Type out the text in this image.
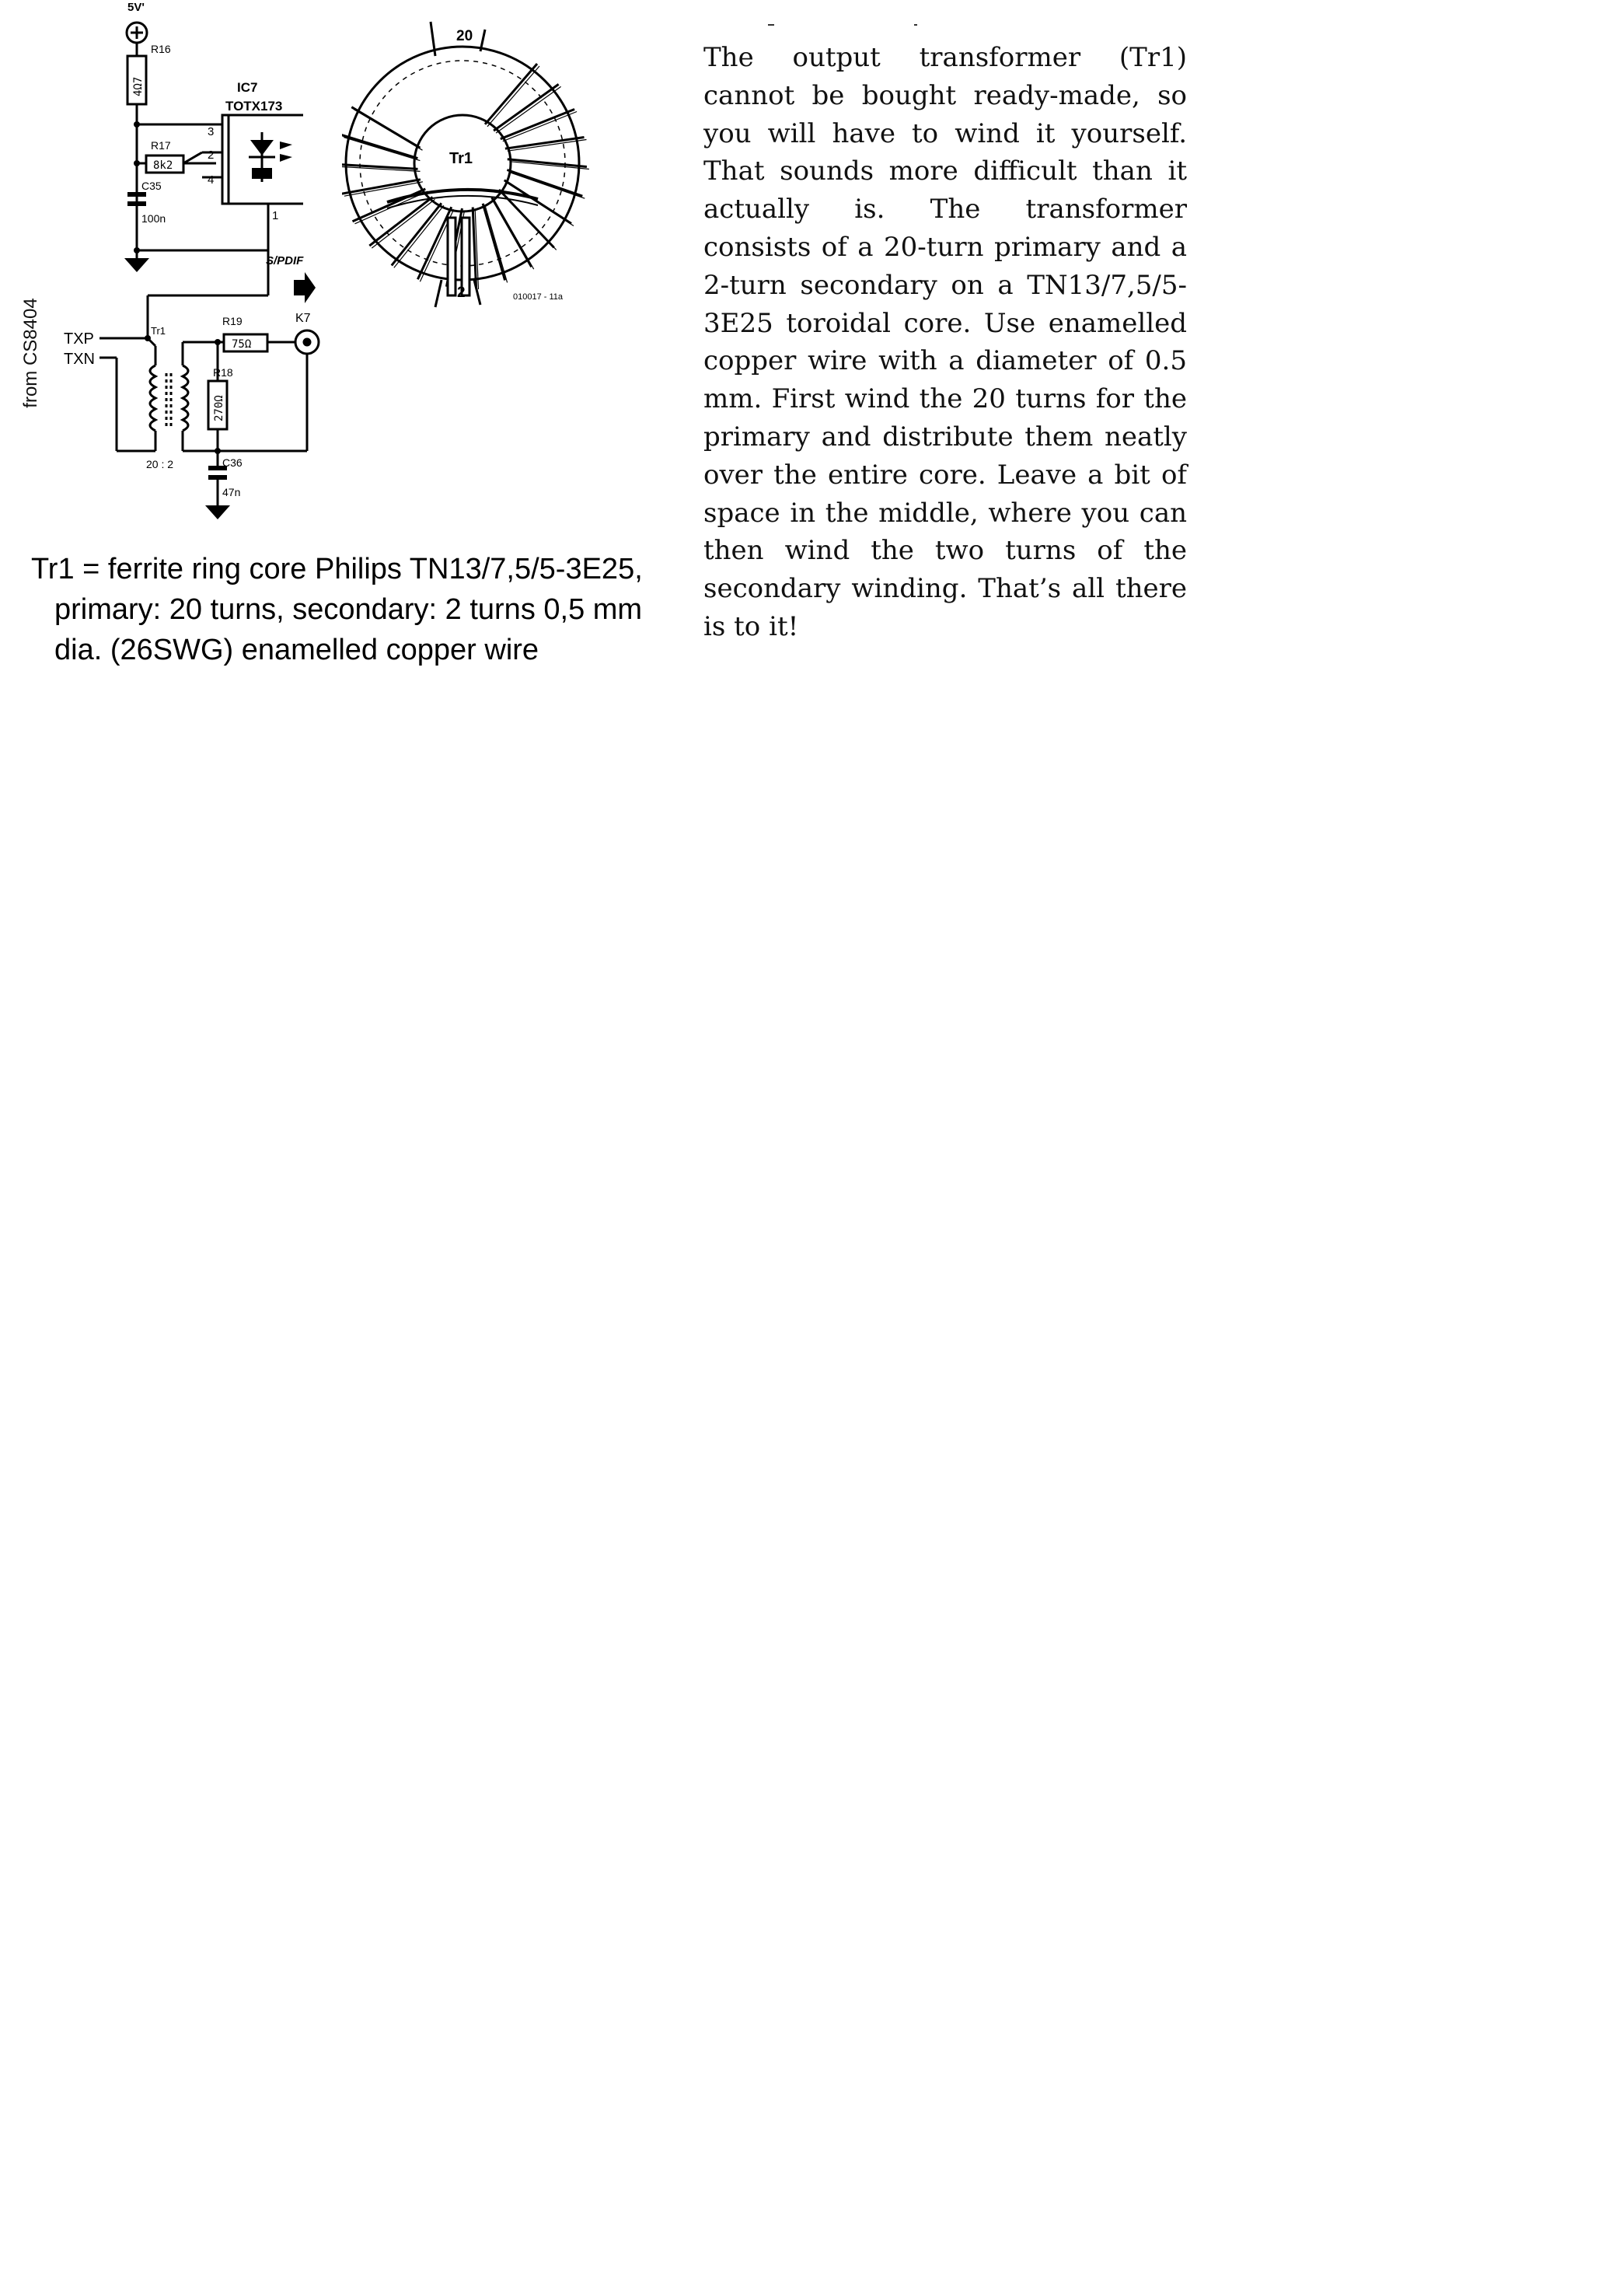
from CS8404
5V'
R16
4Ω7	IC7
TOTX173
R17
8k2
C35
100n
3
2
4
1
S/PDIF
K7
TXP
TXN
Tr1
20 : 2
R19
75Ω
R18
270Ω
C36
47n
20
2
Tr1
010017 - 11a
Tr1 = ferrite ring core Philips TN13/7,5/5-3E25, primary: 20 turns, secondary: 2 turns 0,5 mm dia. (26SWG) enamelled copper wire
The output transformer (Tr1) cannot be bought ready-made, so you will have to wind it yourself. That sounds more difficult than it actually is. The transformer consists of a 20-turn primary and a 2-turn secondary on a TN13/7,5/5-3E25 toroidal core. Use enamelled copper wire with a diameter of 0.5 mm. First wind the 20 turns for the primary and distribute them neatly over the entire core. Leave a bit of space in the middle, where you can then wind the two turns of the secondary winding. That’s all there is to it!
